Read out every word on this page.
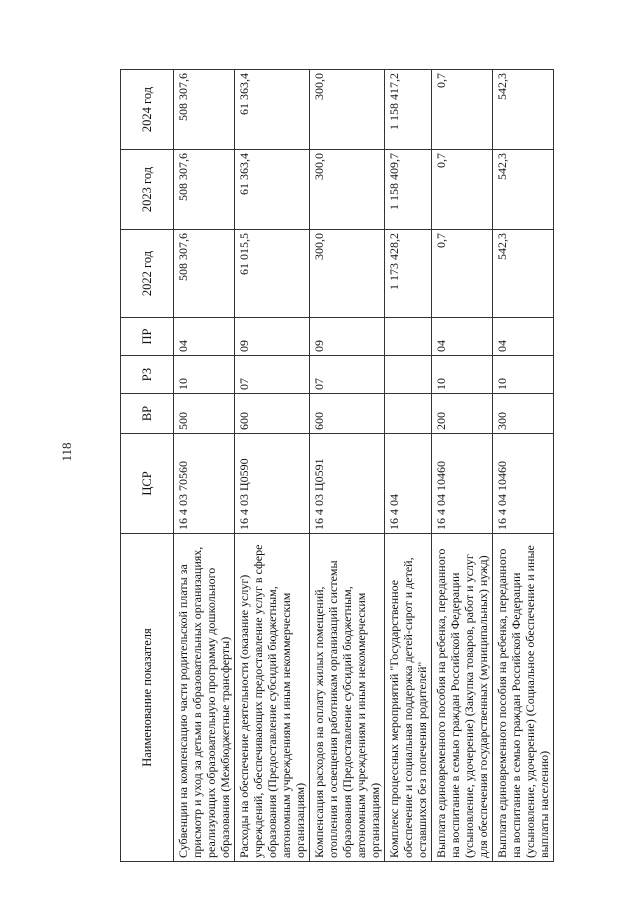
118
Наименование показателя	ЦСР	ВР	РЗ	ПР	2022 год	2023 год	2024 год
Субвенции на компенсацию части родительской платы за присмотр и уход за детьми в образовательных организациях, реализующих образовательную программу дошкольного образования (Межбюджетные трансферты)	16 4 03 70560	500	10	04	508 307,6	508 307,6	508 307,6
Расходы на обеспечение деятельности (оказание услуг) учреждений, обеспечивающих предоставление услуг в сфере образования (Предоставление субсидий бюджетным, автономным учреждениям и иным некоммерческим организациям)	16 4 03 Ц0590	600	07	09	61 015,5	61 363,4	61 363,4
Компенсация расходов на оплату жилых помещений, отопления и освещения работникам организаций системы образования (Предоставление субсидий бюджетным, автономным учреждениям и иным некоммерческим организациям)	16 4 03 Ц0591	600	07	09	300,0	300,0	300,0
Комплекс процессных мероприятий "Государственное обеспечение и социальная поддержка детей-сирот и детей, оставшихся без попечения родителей"	16 4 04				1 173 428,2	1 158 409,7	1 158 417,2
Выплата единовременного пособия на ребенка, переданного на воспитание в семью граждан Российской Федерации (усыновление, удочерение) (Закупка товаров, работ и услуг для обеспечения государственных (муниципальных) нужд)	16 4 04 10460	200	10	04	0,7	0,7	0,7
Выплата единовременного пособия на ребенка, переданного на воспитание в семью граждан Российской Федерации (усыновление, удочерение) (Социальное обеспечение и иные выплаты населению)	16 4 04 10460	300	10	04	542,3	542,3	542,3
